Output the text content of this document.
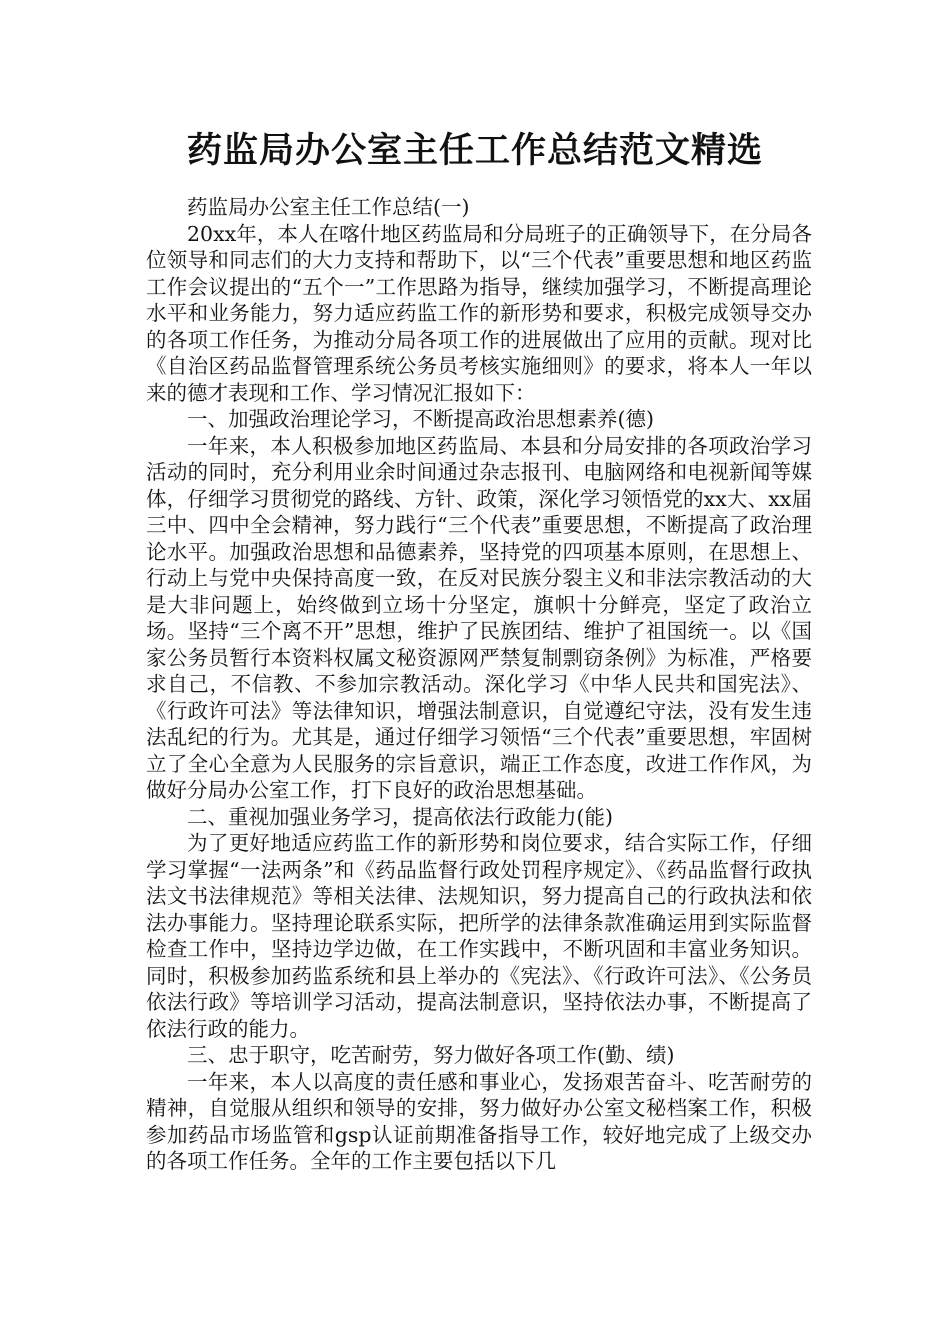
药监局办公室主任工作总结范文精选

药监局办公室主任工作总结(一)

20xx年，本人在喀什地区药监局和分局班子的正确领导下，在分局各位领导和同志们的大力支持和帮助下，以“三个代表”重要思想和地区药监工作会议提出的“五个一”工作思路为指导，继续加强学习，不断提高理论水平和业务能力，努力适应药监工作的新形势和要求，积极完成领导交办的各项工作任务，为推动分局各项工作的进展做出了应用的贡献。现对比《自治区药品监督管理系统公务员考核实施细则》的要求，将本人一年以来的德才表现和工作、学习情况汇报如下：

一、加强政治理论学习，不断提高政治思想素养(德)

一年来，本人积极参加地区药监局、本县和分局安排的各项政治学习活动的同时，充分利用业余时间通过杂志报刊、电脑网络和电视新闻等媒体，仔细学习贯彻党的路线、方针、政策，深化学习领悟党的xx大、xx届三中、四中全会精神，努力践行“三个代表”重要思想，不断提高了政治理论水平。加强政治思想和品德素养，坚持党的四项基本原则，在思想上、行动上与党中央保持高度一致，在反对民族分裂主义和非法宗教活动的大是大非问题上，始终做到立场十分坚定，旗帜十分鲜亮，坚定了政治立场。坚持“三个离不开”思想，维护了民族团结、维护了祖国统一。以《国家公务员暂行本资料权属文秘资源网严禁复制剽窃条例》为标准，严格要求自己，不信教、不参加宗教活动。深化学习《中华人民共和国宪法》、《行政许可法》等法律知识，增强法制意识，自觉遵纪守法，没有发生违法乱纪的行为。尤其是，通过仔细学习领悟“三个代表”重要思想，牢固树立了全心全意为人民服务的宗旨意识，端正工作态度，改进工作作风，为做好分局办公室工作，打下良好的政治思想基础。

二、重视加强业务学习，提高依法行政能力(能)

为了更好地适应药监工作的新形势和岗位要求，结合实际工作，仔细学习掌握“一法两条”和《药品监督行政处罚程序规定》、《药品监督行政执法文书法律规范》等相关法律、法规知识，努力提高自己的行政执法和依法办事能力。坚持理论联系实际，把所学的法律条款准确运用到实际监督检查工作中，坚持边学边做，在工作实践中，不断巩固和丰富业务知识。同时，积极参加药监系统和县上举办的《宪法》、《行政许可法》、《公务员依法行政》等培训学习活动，提高法制意识，坚持依法办事，不断提高了依法行政的能力。

三、忠于职守，吃苦耐劳，努力做好各项工作(勤、绩)

一年来，本人以高度的责任感和事业心，发扬艰苦奋斗、吃苦耐劳的精神，自觉服从组织和领导的安排，努力做好办公室文秘档案工作，积极参加药品市场监管和gsp认证前期准备指导工作，较好地完成了上级交办的各项工作任务。全年的工作主要包括以下几
